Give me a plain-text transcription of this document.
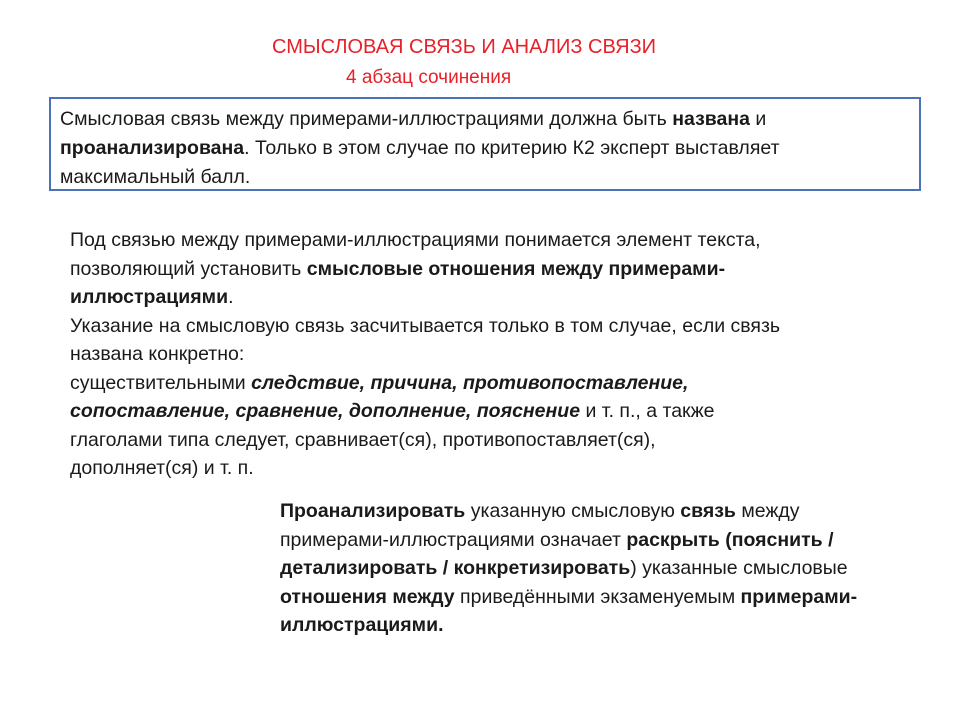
СМЫСЛОВАЯ СВЯЗЬ И АНАЛИЗ СВЯЗИ
4 абзац сочинения
Смысловая связь между примерами-иллюстрациями должна быть названа и
проанализирована. Только в этом случае по критерию К2 эксперт выставляет
максимальный балл.
Под связью между примерами-иллюстрациями понимается элемент текста,
позволяющий установить смысловые отношения между примерами-
иллюстрациями.
Указание на смысловую связь засчитывается только в том случае, если связь
названа конкретно:
существительными следствие, причина, противопоставление,
сопоставление, сравнение, дополнение, пояснение и т. п., а также
глаголами типа следует, сравнивает(ся), противопоставляет(ся),
дополняет(ся) и т. п.
Проанализировать указанную смысловую связь между
примерами-иллюстрациями означает раскрыть (пояснить /
детализировать / конкретизировать) указанные смысловые
отношения между приведёнными экзаменуемым примерами-
иллюстрациями.
